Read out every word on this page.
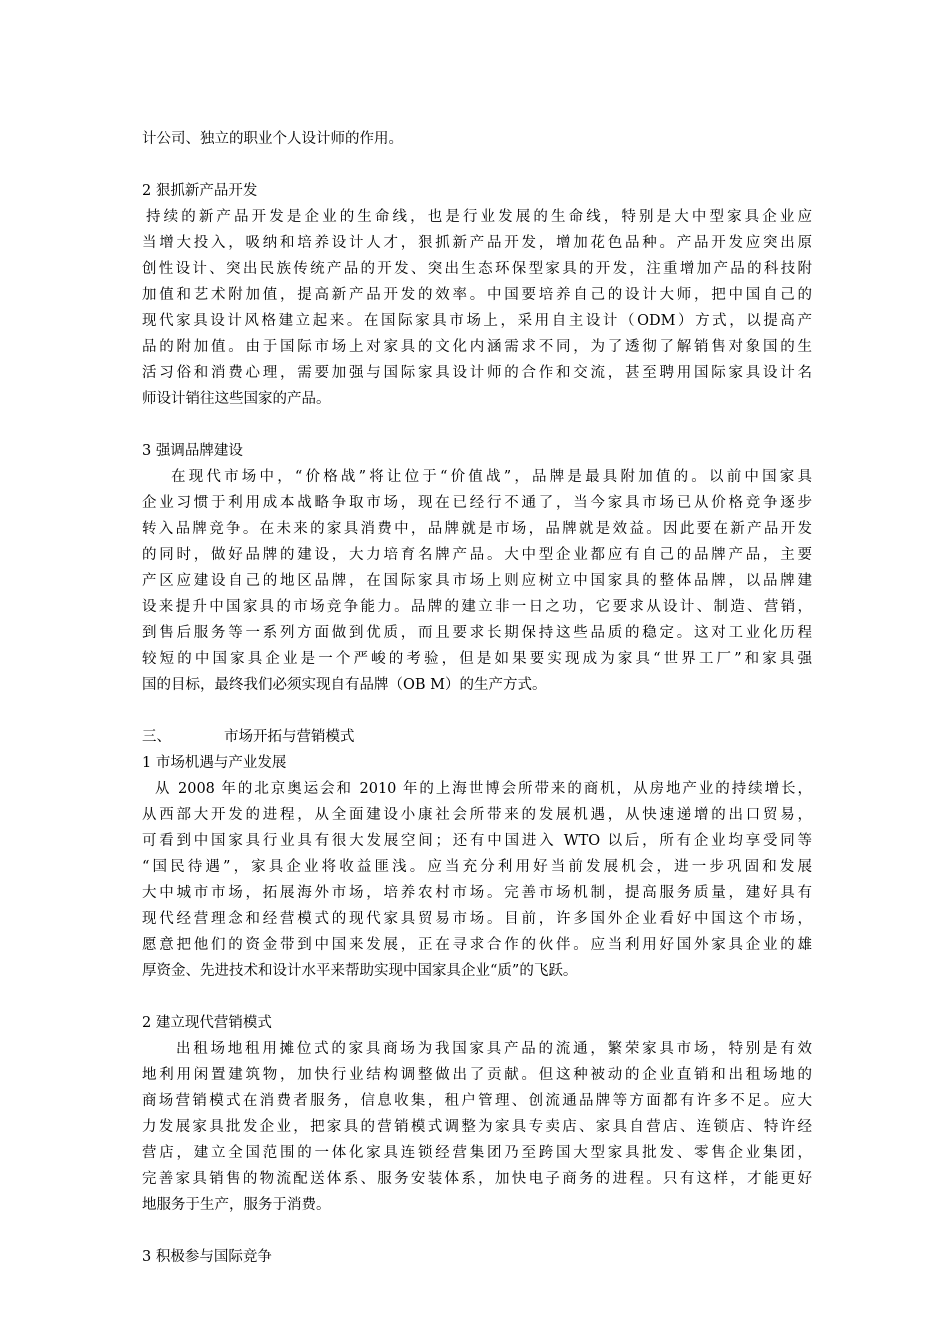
计公司、独立的职业个人设计师的作用。
2 狠抓新产品开发
持续的新产品开发是企业的生命线，也是行业发展的生命线，特别是大中型家具企业应
当增大投入，吸纳和培养设计人才，狠抓新产品开发，增加花色品种。产品开发应突出原
创性设计、突出民族传统产品的开发、突出生态环保型家具的开发，注重增加产品的科技附
加值和艺术附加值，提高新产品开发的效率。中国要培养自己的设计大师，把中国自己的
现代家具设计风格建立起来。在国际家具市场上，采用自主设计（ODM）方式，以提高产
品的附加值。由于国际市场上对家具的文化内涵需求不同，为了透彻了解销售对象国的生
活习俗和消费心理，需要加强与国际家具设计师的合作和交流，甚至聘用国际家具设计名
师设计销往这些国家的产品。
3 强调品牌建设
在现代市场中，“价格战”将让位于“价值战”，品牌是最具附加值的。以前中国家具
企业习惯于利用成本战略争取市场，现在已经行不通了，当今家具市场已从价格竞争逐步
转入品牌竞争。在未来的家具消费中，品牌就是市场，品牌就是效益。因此要在新产品开发
的同时，做好品牌的建设，大力培育名牌产品。大中型企业都应有自己的品牌产品，主要
产区应建设自己的地区品牌，在国际家具市场上则应树立中国家具的整体品牌，以品牌建
设来提升中国家具的市场竞争能力。品牌的建立非一日之功，它要求从设计、制造、营销，
到售后服务等一系列方面做到优质，而且要求长期保持这些品质的稳定。这对工业化历程
较短的中国家具企业是一个严峻的考验，但是如果要实现成为家具“世界工厂”和家具强
国的目标，最终我们必须实现自有品牌（OB M）的生产方式。
三、	市场开拓与营销模式
1 市场机遇与产业发展
从 2008 年的北京奥运会和 2010 年的上海世博会所带来的商机，从房地产业的持续增长，
从西部大开发的进程，从全面建设小康社会所带来的发展机遇，从快速递增的出口贸易，
可看到中国家具行业具有很大发展空间；还有中国进入 WTO 以后，所有企业均享受同等
“国民待遇”，家具企业将收益匪浅。应当充分利用好当前发展机会，进一步巩固和发展
大中城市市场，拓展海外市场，培养农村市场。完善市场机制，提高服务质量，建好具有
现代经营理念和经营模式的现代家具贸易市场。目前，许多国外企业看好中国这个市场，
愿意把他们的资金带到中国来发展，正在寻求合作的伙伴。应当利用好国外家具企业的雄
厚资金、先进技术和设计水平来帮助实现中国家具企业“质”的飞跃。
2 建立现代营销模式
出租场地租用摊位式的家具商场为我国家具产品的流通，繁荣家具市场，特别是有效
地利用闲置建筑物，加快行业结构调整做出了贡献。但这种被动的企业直销和出租场地的
商场营销模式在消费者服务，信息收集，租户管理、创流通品牌等方面都有许多不足。应大
力发展家具批发企业，把家具的营销模式调整为家具专卖店、家具自营店、连锁店、特许经
营店，建立全国范围的一体化家具连锁经营集团乃至跨国大型家具批发、零售企业集团，
完善家具销售的物流配送体系、服务安装体系，加快电子商务的进程。只有这样，才能更好
地服务于生产，服务于消费。
3 积极参与国际竞争
